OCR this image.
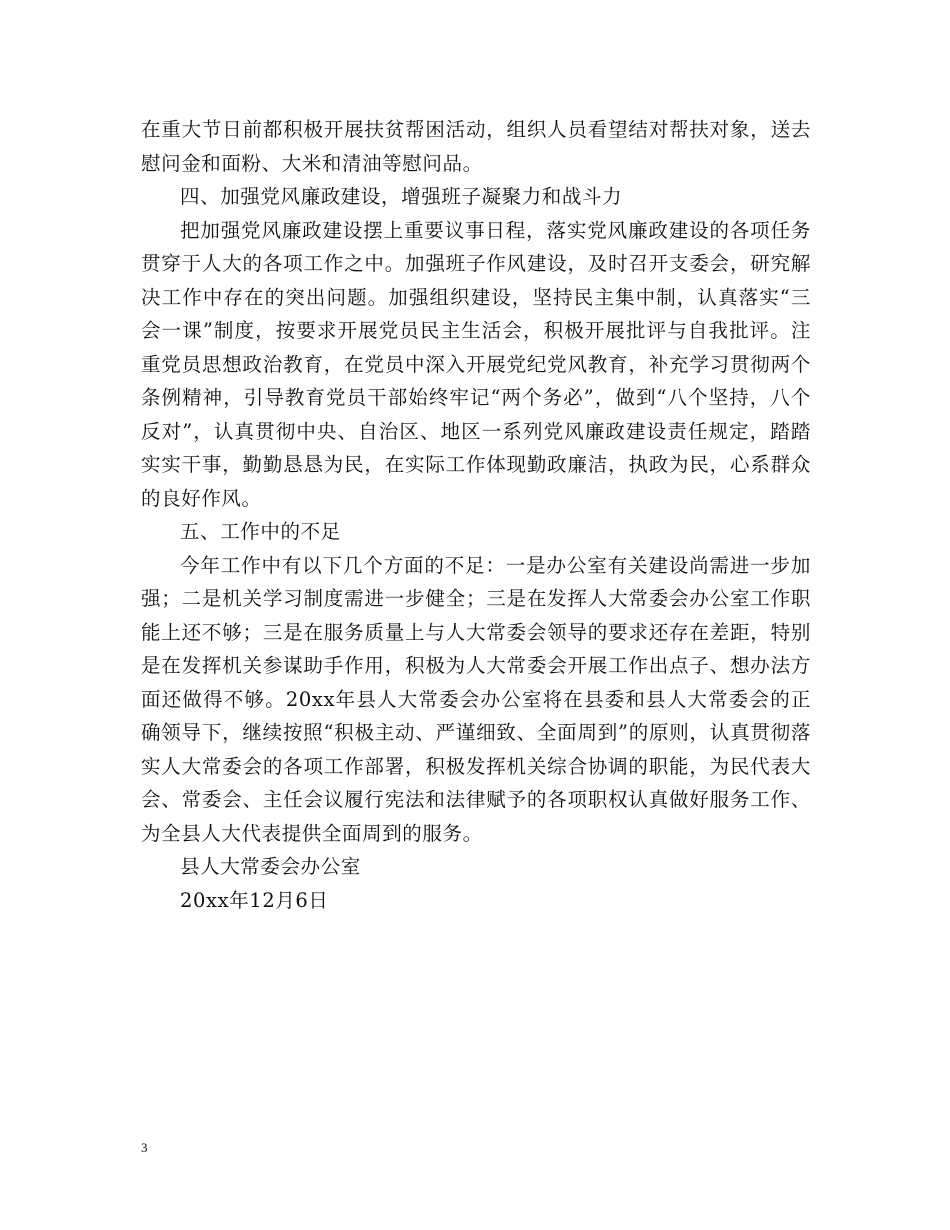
在重大节日前都积极开展扶贫帮困活动，组织人员看望结对帮扶对象，送去慰问金和面粉、大米和清油等慰问品。

四、加强党风廉政建设，增强班子凝聚力和战斗力

把加强党风廉政建设摆上重要议事日程，落实党风廉政建设的各项任务贯穿于人大的各项工作之中。加强班子作风建设，及时召开支委会，研究解决工作中存在的突出问题。加强组织建设，坚持民主集中制，认真落实“三会一课”制度，按要求开展党员民主生活会，积极开展批评与自我批评。注重党员思想政治教育，在党员中深入开展党纪党风教育，补充学习贯彻两个条例精神，引导教育党员干部始终牢记“两个务必”，做到“八个坚持，八个反对”，认真贯彻中央、自治区、地区一系列党风廉政建设责任规定，踏踏实实干事，勤勤恳恳为民，在实际工作体现勤政廉洁，执政为民，心系群众的良好作风。

五、工作中的不足

今年工作中有以下几个方面的不足：一是办公室有关建设尚需进一步加强；二是机关学习制度需进一步健全；三是在发挥人大常委会办公室工作职能上还不够；三是在服务质量上与人大常委会领导的要求还存在差距，特别是在发挥机关参谋助手作用，积极为人大常委会开展工作出点子、想办法方面还做得不够。20xx年县人大常委会办公室将在县委和县人大常委会的正确领导下，继续按照“积极主动、严谨细致、全面周到”的原则，认真贯彻落实人大常委会的各项工作部署，积极发挥机关综合协调的职能，为民代表大会、常委会、主任会议履行宪法和法律赋予的各项职权认真做好服务工作、为全县人大代表提供全面周到的服务。

县人大常委会办公室

20xx年12月6日

3
